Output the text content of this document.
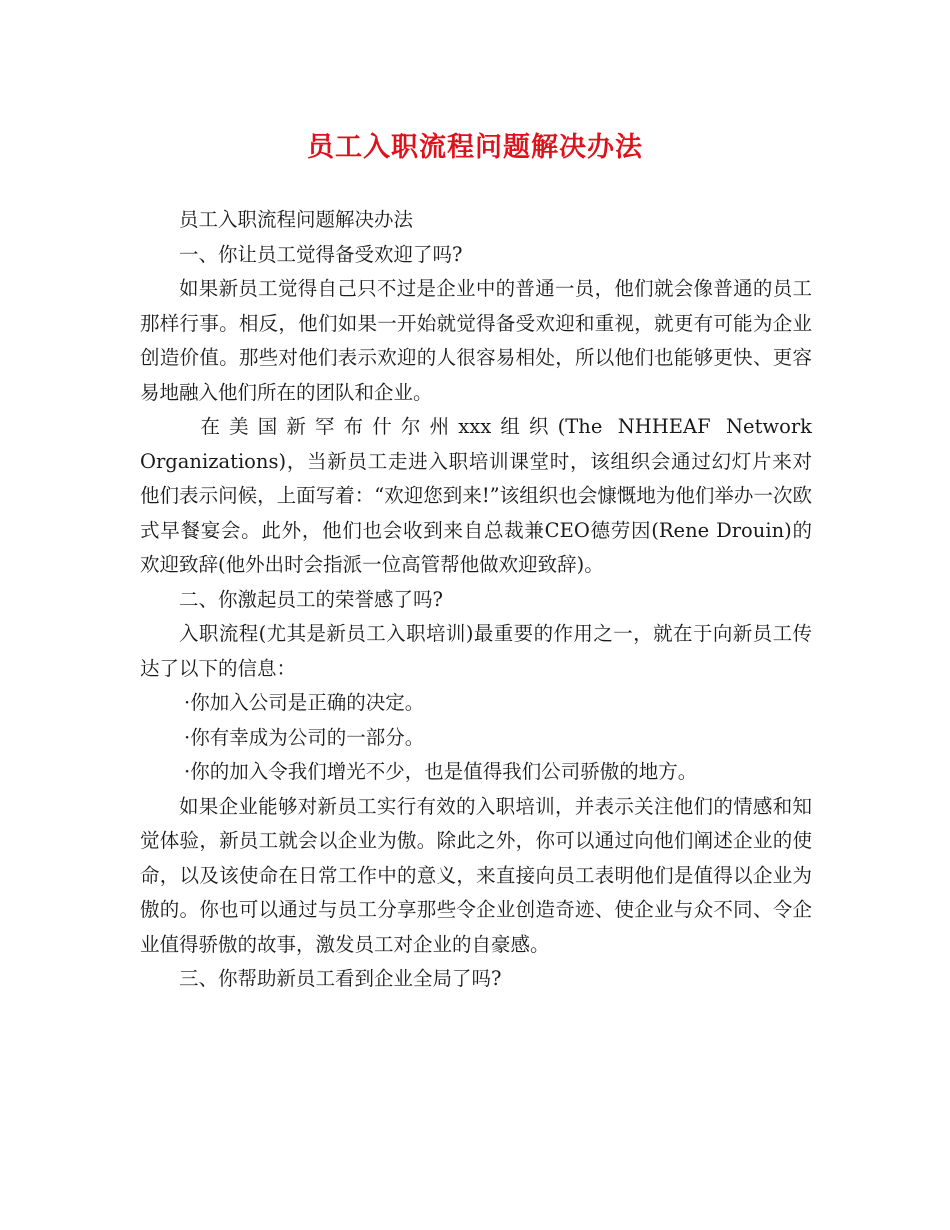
员工入职流程问题解决办法

员工入职流程问题解决办法

一、你让员工觉得备受欢迎了吗?

如果新员工觉得自己只不过是企业中的普通一员，他们就会像普通的员工那样行事。相反，他们如果一开始就觉得备受欢迎和重视，就更有可能为企业创造价值。那些对他们表示欢迎的人很容易相处，所以他们也能够更快、更容易地融入他们所在的团队和企业。

在美国新罕布什尔州xxx组织(The NHHEAF Network Organizations)，当新员工走进入职培训课堂时，该组织会通过幻灯片来对他们表示问候，上面写着：“欢迎您到来!”该组织也会慷慨地为他们举办一次欧式早餐宴会。此外，他们也会收到来自总裁兼CEO德劳因(Rene Drouin)的欢迎致辞(他外出时会指派一位高管帮他做欢迎致辞)。

二、你激起员工的荣誉感了吗?

入职流程(尤其是新员工入职培训)最重要的作用之一，就在于向新员工传达了以下的信息：

·你加入公司是正确的决定。

·你有幸成为公司的一部分。

·你的加入令我们增光不少，也是值得我们公司骄傲的地方。

如果企业能够对新员工实行有效的入职培训，并表示关注他们的情感和知觉体验，新员工就会以企业为傲。除此之外，你可以通过向他们阐述企业的使命，以及该使命在日常工作中的意义，来直接向员工表明他们是值得以企业为傲的。你也可以通过与员工分享那些令企业创造奇迹、使企业与众不同、令企业值得骄傲的故事，激发员工对企业的自豪感。

三、你帮助新员工看到企业全局了吗?
